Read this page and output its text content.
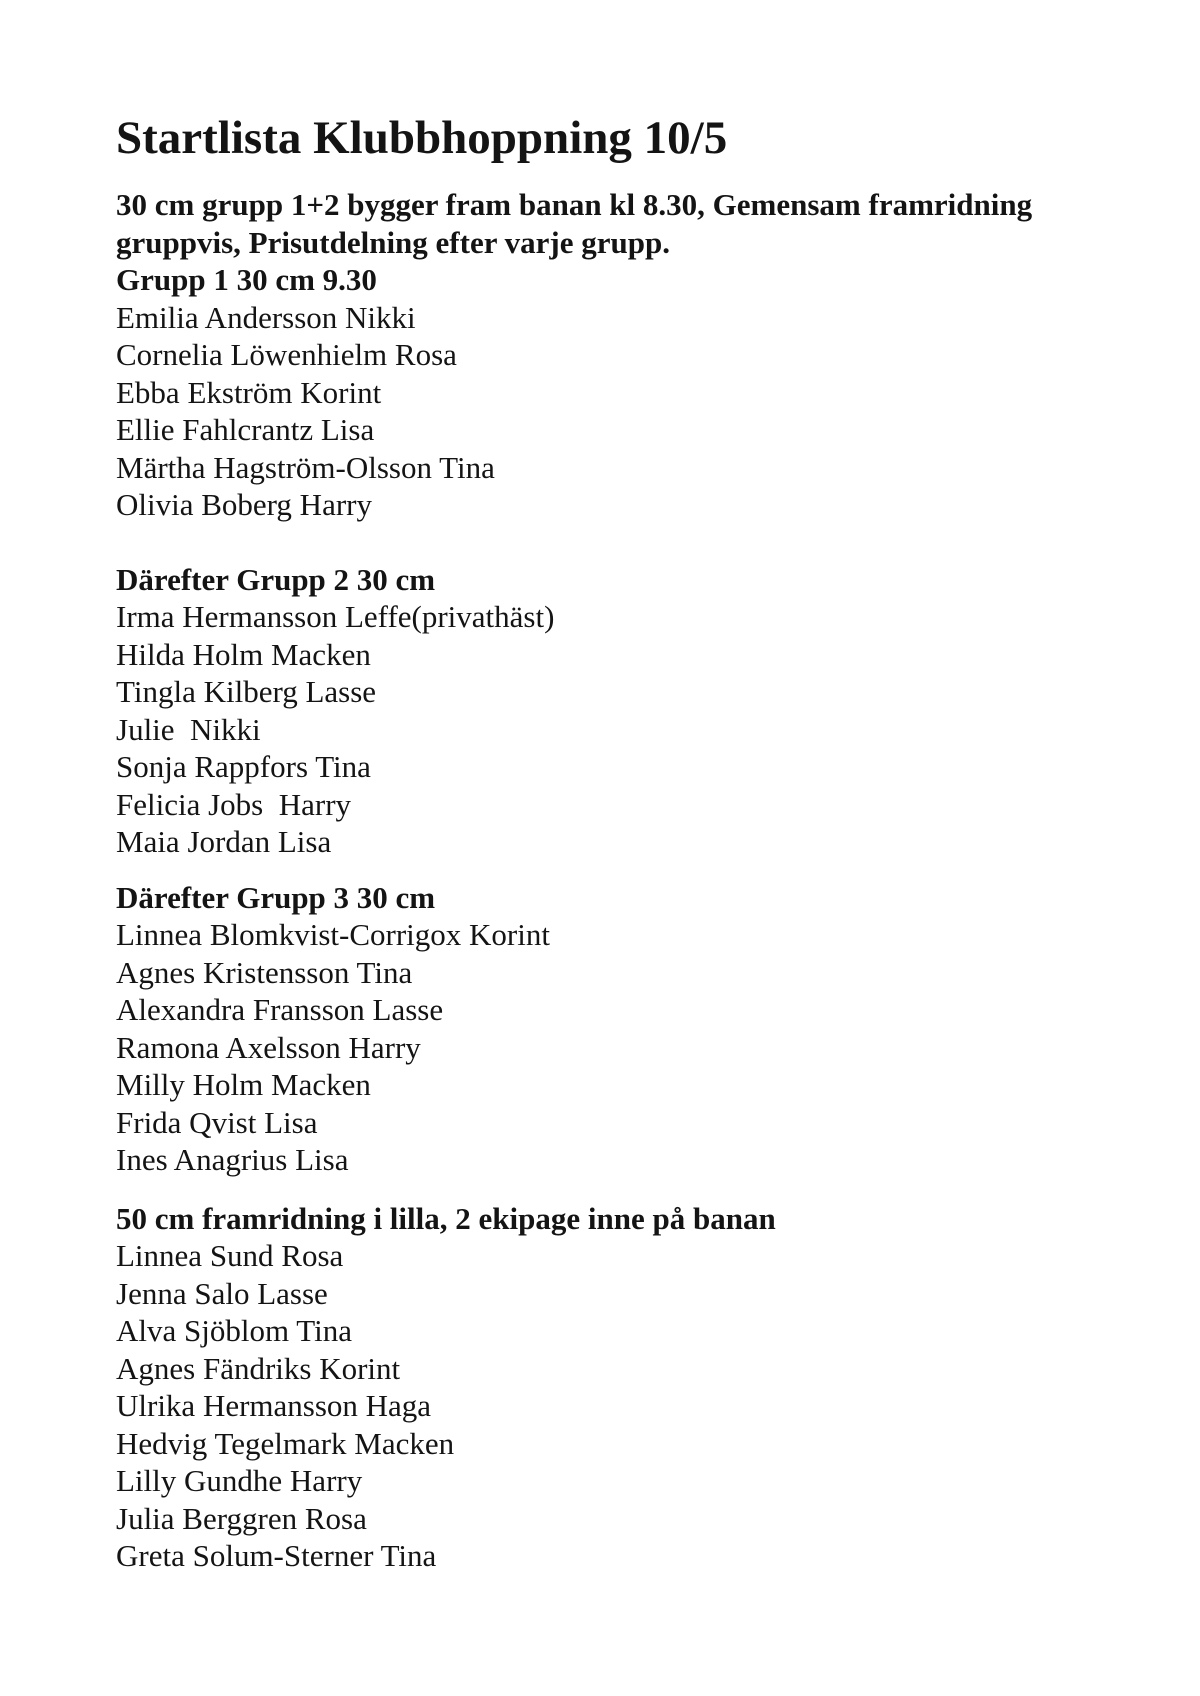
Startlista Klubbhoppning 10/5
30 cm grupp 1+2 bygger fram banan kl 8.30, Gemensam framridning gruppvis, Prisutdelning efter varje grupp.
Grupp 1 30 cm 9.30
Emilia Andersson Nikki
Cornelia Löwenhielm Rosa
Ebba Ekström Korint
Ellie Fahlcrantz Lisa
Märtha Hagström-Olsson Tina
Olivia Boberg Harry
Därefter Grupp 2 30 cm
Irma Hermansson Leffe(privathäst)
Hilda Holm Macken
Tingla Kilberg Lasse
Julie  Nikki
Sonja Rappfors Tina
Felicia Jobs  Harry
Maia Jordan Lisa
Därefter Grupp 3 30 cm
Linnea Blomkvist-Corrigox Korint
Agnes Kristensson Tina
Alexandra Fransson Lasse
Ramona Axelsson Harry
Milly Holm Macken
Frida Qvist Lisa
Ines Anagrius Lisa
50 cm framridning i lilla, 2 ekipage inne på banan
Linnea Sund Rosa
Jenna Salo Lasse
Alva Sjöblom Tina
Agnes Fändriks Korint
Ulrika Hermansson Haga
Hedvig Tegelmark Macken
Lilly Gundhe Harry
Julia Berggren Rosa
Greta Solum-Sterner Tina
